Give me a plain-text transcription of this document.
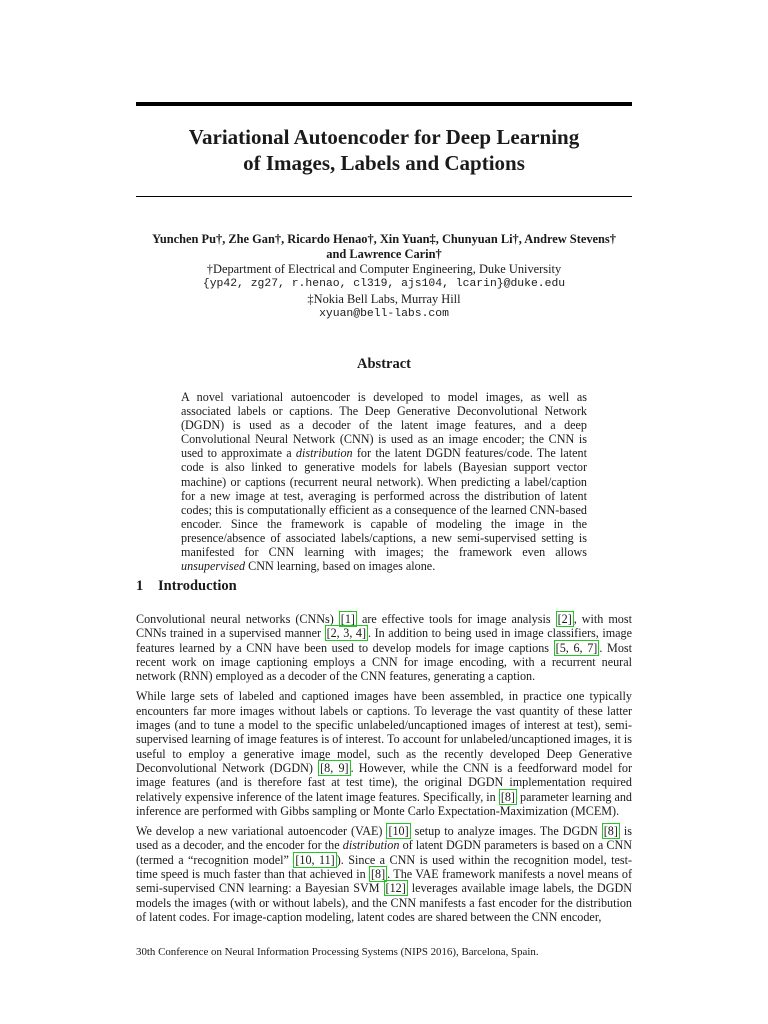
Variational Autoencoder for Deep Learning
of Images, Labels and Captions
Yunchen Pu†, Zhe Gan†, Ricardo Henao†, Xin Yuan‡, Chunyuan Li†, Andrew Stevens†
and Lawrence Carin†
†Department of Electrical and Computer Engineering, Duke University
{yp42, zg27, r.henao, cl319, ajs104, lcarin}@duke.edu
‡Nokia Bell Labs, Murray Hill
xyuan@bell-labs.com
Abstract
A novel variational autoencoder is developed to model images, as well as associated labels or captions. The Deep Generative Deconvolutional Network (DGDN) is used as a decoder of the latent image features, and a deep Convolutional Neural Network (CNN) is used as an image encoder; the CNN is used to approximate a distribution for the latent DGDN features/code. The latent code is also linked to generative models for labels (Bayesian support vector machine) or captions (recurrent neural network). When predicting a label/caption for a new image at test, averaging is performed across the distribution of latent codes; this is computationally efficient as a consequence of the learned CNN-based encoder. Since the framework is capable of modeling the image in the presence/absence of associated labels/captions, a new semi-supervised setting is manifested for CNN learning with images; the framework even allows unsupervised CNN learning, based on images alone.
1 Introduction

Convolutional neural networks (CNNs) [1] are effective tools for image analysis [2] , with most CNNs trained in a supervised manner [2, 3, 4] . In addition to being used in image classifiers, image features learned by a CNN have been used to develop models for image captions [5, 6, 7] . Most recent work on image captioning employs a CNN for image encoding, with a recurrent neural network (RNN) employed as a decoder of the CNN features, generating a caption.

While large sets of labeled and captioned images have been assembled, in practice one typically encounters far more images without labels or captions. To leverage the vast quantity of these latter images (and to tune a model to the specific unlabeled/uncaptioned images of interest at test), semi-supervised learning of image features is of interest. To account for unlabeled/uncaptioned images, it is useful to employ a generative image model, such as the recently developed Deep Generative Deconvolutional Network (DGDN) [8, 9] . However, while the CNN is a feedforward model for image features (and is therefore fast at test time), the original DGDN implementation required relatively expensive inference of the latent image features. Specifically, in [8] parameter learning and inference are performed with Gibbs sampling or Monte Carlo Expectation-Maximization (MCEM).

We develop a new variational autoencoder (VAE) [10] setup to analyze images. The DGDN [8] is used as a decoder, and the encoder for the distribution of latent DGDN parameters is based on a CNN (termed a “recognition model” [10, 11] ). Since a CNN is used within the recognition model, test-time speed is much faster than that achieved in [8] . The VAE framework manifests a novel means of semi-supervised CNN learning: a Bayesian SVM [12] leverages available image labels, the DGDN models the images (with or without labels), and the CNN manifests a fast encoder for the distribution of latent codes. For image-caption modeling, latent codes are shared between the CNN encoder,

30th Conference on Neural Information Processing Systems (NIPS 2016), Barcelona, Spain.
